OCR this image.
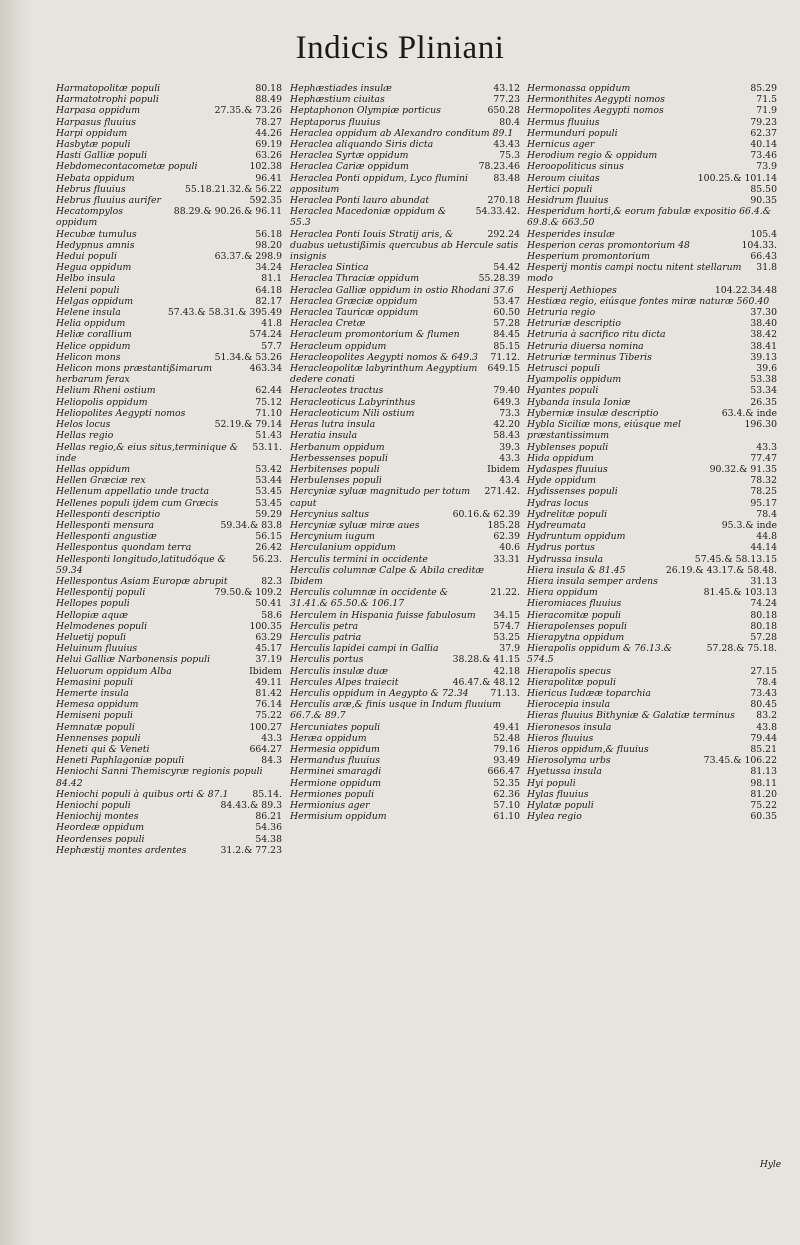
Indicis Pliniani
80.18
Harmatopolitæ populi
88.49
Harmatotrophi populi
27.35.& 73.26
Harpasa oppidum
78.27
Harpasus fluuius
44.26
Harpi oppidum
69.19
Hasbytæ populi
63.26
Hasti Galliæ populi
102.38
Hebdomecontacometæ populi
96.41
Hebata oppidum
55.18.21.32.& 56.22
Hebrus fluuius
592.35
Hebrus fluuius aurifer
88.29.& 90.26.& 96.11
Hecatompylos oppidum
56.18
Hecubæ tumulus
98.20
Hedypnus amnis
63.37.& 298.9
Hedui populi
34.24
Hegua oppidum
81.1
Helbo insula
64.18
Heleni populi
82.17
Helgas oppidum
57.43.& 58.31.& 395.49
Helene insula
41.8
Helia oppidum
574.24
Heliæ corallium
57.7
Helice oppidum
51.34.& 53.26
Helicon mons
463.34
Helicon mons præstantißimarum herbarum ferax
62.44
Helium Rheni ostium
75.12
Heliopolis oppidum
71.10
Heliopolites Aegypti nomos
52.19.& 79.14
Helos locus
51.43
Hellas regio
53.11.
Hellas regio,& eius situs,terminique & inde
53.42
Hellas oppidum
53.44
Hellen Græciæ rex
53.45
Hellenum appellatio unde tracta
53.45
Hellenes populi ijdem cum Græcis
59.29
Hellesponti descriptio
59.34.& 83.8
Hellesponti mensura
56.15
Hellesponti angustiæ
26.42
Hellespontus quondam terra
56.23.
Hellesponti longitudo,latitudóque & 59.34
82.3
Hellespontus Asiam Europæ abrupit
79.50.& 109.2
Hellespontij populi
50.41
Hellopes populi
58.6
Hellopiæ aquæ
100.35
Helmodenes populi
63.29
Heluetij populi
45.17
Heluinum fluuius
37.19
Helui Galliæ Narbonensis populi
Ibidem
Heluorum oppidum Alba
49.11
Hemasini populi
81.42
Hemerte insula
76.14
Hemesa oppidum
75.22
Hemiseni populi
100.27
Hemnatæ populi
43.3
Hennenses populi
664.27
Heneti qui & Veneti
84.3
Heneti Paphlagoniæ populi
Heniochi Sanni Themiscyræ regionis populi 84.42
85.14.
Heniochi populi à quibus orti & 87.1
84.43.& 89.3
Heniochi populi
86.21
Heniochij montes
54.36
Heordeæ oppidum
54.38
Heordenses populi
31.2.& 77.23
Hephæstij montes ardentes
43.12
Hephæstiades insulæ
77.23
Hephæstium ciuitas
650.28
Heptaphonon Olympiæ porticus
80.4
Heptaporus fluuius
Heraclea oppidum ab Alexandro conditum 89.1
43.43
Heraclea aliquando Siris dicta
75.3
Heraclea Syrtæ oppidum
78.23.46
Heraclea Cariæ oppidum
83.48
Heraclea Ponti oppidum, Lyco flumini appositum
270.18
Heraclea Ponti lauro abundat
54.33.42.
Heraclea Macedoniæ oppidum & 55.3
292.24
Heraclea Ponti Iouis Stratij aris, & duabus uetustißimis quercubus ab Hercule satis insignis
54.42
Heraclea Sintica
55.28.39
Heraclea Thraciæ oppidum
Heraclea Galliæ oppidum in ostio Rhodani 37.6
53.47
Heraclea Græciæ oppidum
60.50
Heraclea Tauricæ oppidum
57.28
Heraclea Cretæ
84.45
Heracleum promontorium & flumen
85.15
Heracleum oppidum
71.12.
Heracleopolites Aegypti nomos & 649.3
649.15
Heracleopolitæ labyrinthum Aegyptium dedere conati
79.40
Heracleotes tractus
649.3
Heracleoticus Labyrinthus
73.3
Heracleoticum Nili ostium
42.20
Heras lutra insula
58.43
Heratia insula
39.3
Herbanum oppidum
43.3
Herbessenses populi
Ibidem
Herbitenses populi
43.4
Herbulenses populi
271.42.
Hercyniæ syluæ magnitudo per totum caput
60.16.& 62.39
Hercynius saltus
185.28
Hercyniæ syluæ miræ aues
62.39
Hercynium iugum
40.6
Herculanium oppidum
33.31
Herculis termini in occidente
Herculis columnæ Calpe & Abila creditæ Ibidem
21.22.
Herculis columnæ in occidente & 31.41.& 65.50.& 106.17
34.15
Herculem in Hispania fuisse fabulosum
574.7
Herculis petra
53.25
Herculis patria
37.9
Herculis lapidei campi in Gallia
38.28.& 41.15
Herculis portus
42.18
Herculis insulæ duæ
46.47.& 48.12
Hercules Alpes traiecit
71.13.
Herculis oppidum in Aegypto & 72.34
Herculis aræ,& finis usque in Indum fluuium 66.7.& 89.7
49.41
Hercuniates populi
52.48
Heræa oppidum
79.16
Hermesia oppidum
93.49
Hermandus fluuius
666.47
Herminei smaragdi
52.35
Hermione oppidum
62.36
Hermiones populi
57.10
Hermionius ager
61.10
Hermisium oppidum
85.29
Hermonassa oppidum
71.5
Hermonthites Aegypti nomos
71.9
Hermopolites Aegypti nomos
79.23
Hermus fluuius
62.37
Hermunduri populi
40.14
Hernicus ager
73.46
Herodium regio & oppidum
73.9
Heroopoliticus sinus
100.25.& 101.14
Heroum ciuitas
85.50
Hertici populi
90.35
Hesidrum fluuius
Hesperidum horti,& eorum fabulæ expositio 66.4.& 69.8.& 663.50
105.4
Hesperides insulæ
104.33.
Hesperion ceras promontorium 48
66.43
Hesperium promontorium
31.8
Hesperij montis campi noctu nitent stellarum modo
104.22.34.48
Hesperij Aethiopes
Hestiæa regio, eiúsque fontes miræ naturæ 560.40
37.30
Hetruria regio
38.40
Hetruriæ descriptio
38.42
Hetruria à sacrifico ritu dicta
38.41
Hetruria diuersa nomina
39.13
Hetruriæ terminus Tiberis
39.6
Hetrusci populi
53.38
Hyampolis oppidum
53.34
Hyantes populi
26.35
Hybanda insula Ioniæ
63.4.& inde
Hyberniæ insulæ descriptio
196.30
Hybla Siciliæ mons, eiúsque mel præstantissimum
43.3
Hyblenses populi
77.47
Hida oppidum
90.32.& 91.35
Hydaspes fluuius
78.32
Hyde oppidum
78.25
Hydissenses populi
95.17
Hydras locus
78.4
Hydrelitæ populi
95.3.& inde
Hydreumata
44.8
Hydruntum oppidum
44.14
Hydrus portus
57.45.& 58.13.15
Hydrussa insula
26.19.& 43.17.& 58.48.
Hiera insula & 81.45
31.13
Hiera insula semper ardens
81.45.& 103.13
Hiera oppidum
74.24
Hieromiaces fluuius
80.18
Hieracomitæ populi
80.18
Hierapolenses populi
57.28
Hierapytna oppidum
57.28.& 75.18.
Hierapolis oppidum & 76.13.& 574.5
27.15
Hierapolis specus
78.4
Hierapolitæ populi
73.43
Hiericus Iudææ toparchia
80.45
Hierocepia insula
83.2
Hieras fluuius Bithyniæ & Galatiæ terminus
43.8
Hieronesos insula
79.44
Hieros fluuius
85.21
Hieros oppidum,& fluuius
73.45.& 106.22
Hierosolyma urbs
81.13
Hyetussa insula
98.11
Hyi populi
81.20
Hylas fluuius
75.22
Hylatæ populi
60.35
Hylea regio
Hyle
